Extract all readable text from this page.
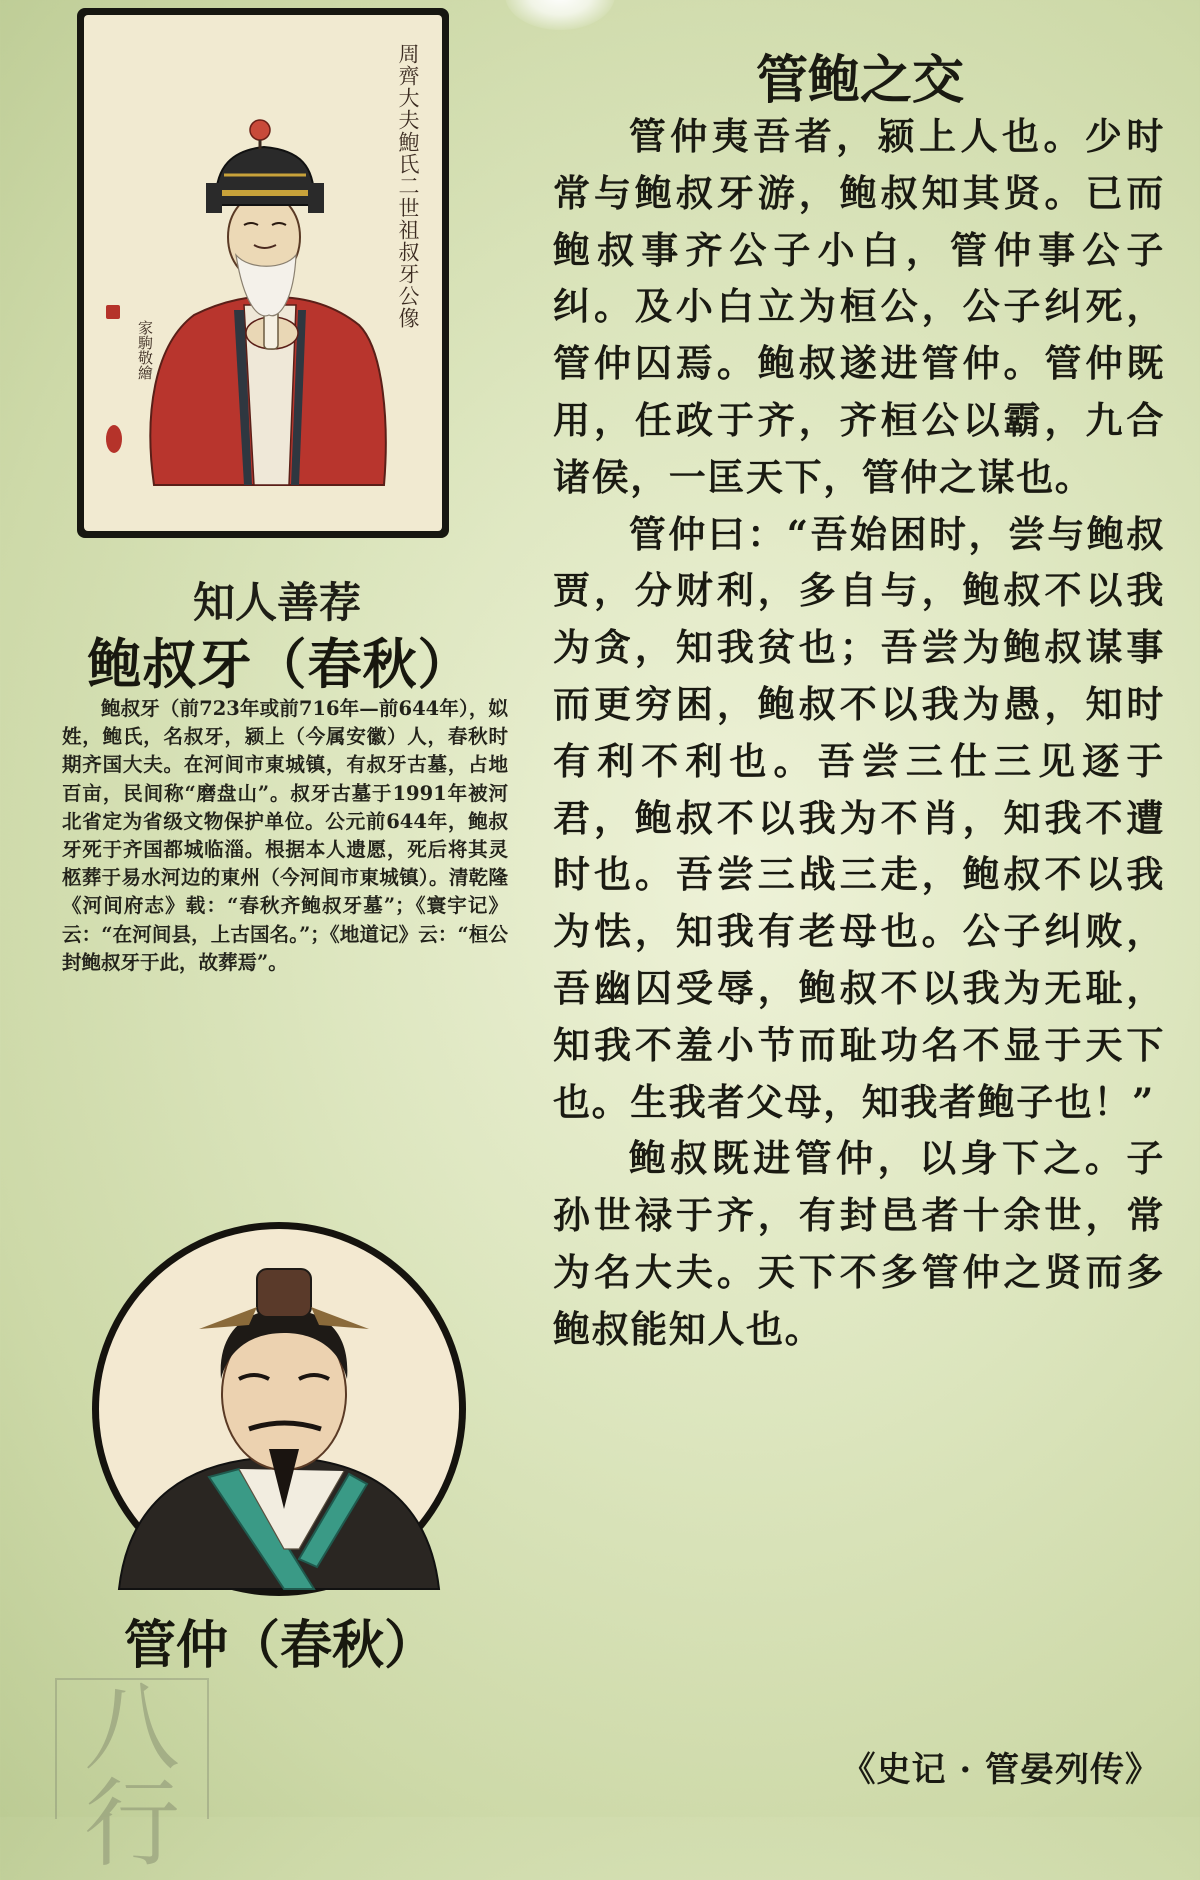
周齊大夫鮑氏二世祖叔牙公像
家駒敬繪
知人善荐
鲍叔牙（春秋）

鲍叔牙（前723年或前716年—前644年），姒姓，鲍氏，名叔牙，颍上（今属安徽）人，春秋时期齐国大夫。在河间市東城镇，有叔牙古墓，占地百亩，民间称“磨盘山”。叔牙古墓于1991年被河北省定为省级文物保护单位。公元前644年，鲍叔牙死于齐国都城临淄。根据本人遗愿，死后将其灵柩葬于易水河边的東州（今河间市東城镇）。清乾隆《河间府志》载：“春秋齐鲍叔牙墓”；《寰宇记》云：“在河间县，上古国名。”；《地道记》云：“桓公封鲍叔牙于此，故葬焉”。

管仲（春秋）
八行
管鲍之交

管仲夷吾者，颍上人也。少时常与鲍叔牙游，鲍叔知其贤。已而鲍叔事齐公子小白，管仲事公子纠。及小白立为桓公，公子纠死，管仲囚焉。鲍叔遂进管仲。管仲既用，任政于齐，齐桓公以霸，九合诸侯，一匡天下，管仲之谋也。

管仲曰：“吾始困时，尝与鲍叔贾，分财利，多自与，鲍叔不以我为贪，知我贫也；吾尝为鲍叔谋事而更穷困，鲍叔不以我为愚，知时有利不利也。吾尝三仕三见逐于君，鲍叔不以我为不肖，知我不遭时也。吾尝三战三走，鲍叔不以我为怯，知我有老母也。公子纠败，吾幽囚受辱，鲍叔不以我为无耻，知我不羞小节而耻功名不显于天下也。生我者父母，知我者鲍子也！”

鲍叔既进管仲，以身下之。子孙世禄于齐，有封邑者十余世，常为名大夫。天下不多管仲之贤而多鲍叔能知人也。

《史记 · 管晏列传》
